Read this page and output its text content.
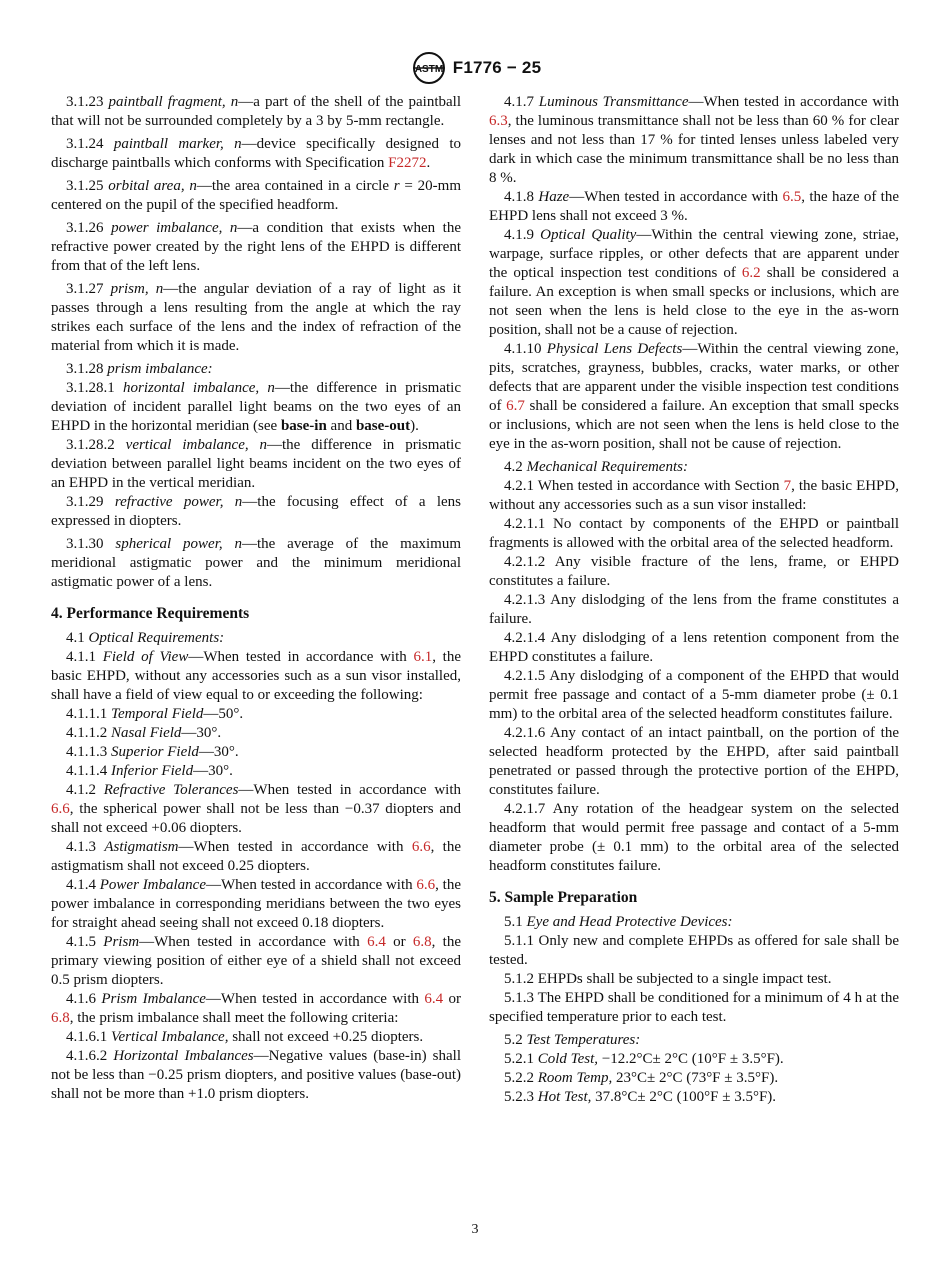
ASTM F1776 − 25

3.1.23 paintball fragment, n—a part of the shell of the paintball that will not be surrounded completely by a 3 by 5-mm rectangle.

3.1.24 paintball marker, n—device specifically designed to discharge paintballs which conforms with Specification F2272.

3.1.25 orbital area, n—the area contained in a circle r = 20-mm centered on the pupil of the specified headform.

3.1.26 power imbalance, n—a condition that exists when the refractive power created by the right lens of the EHPD is different from that of the left lens.

3.1.27 prism, n—the angular deviation of a ray of light as it passes through a lens resulting from the angle at which the ray strikes each surface of the lens and the index of refraction of the material from which it is made.

3.1.28 prism imbalance:

3.1.28.1 horizontal imbalance, n—the difference in prismatic deviation of incident parallel light beams on the two eyes of an EHPD in the horizontal meridian (see base-in and base-out).

3.1.28.2 vertical imbalance, n—the difference in prismatic deviation between parallel light beams incident on the two eyes of an EHPD in the vertical meridian.

3.1.29 refractive power, n—the focusing effect of a lens expressed in diopters.

3.1.30 spherical power, n—the average of the maximum meridional astigmatic power and the minimum meridional astigmatic power of a lens.

4. Performance Requirements

4.1 Optical Requirements:

4.1.1 Field of View—When tested in accordance with 6.1, the basic EHPD, without any accessories such as a sun visor installed, shall have a field of view equal to or exceeding the following:

4.1.1.1 Temporal Field—50°.

4.1.1.2 Nasal Field—30°.

4.1.1.3 Superior Field—30°.

4.1.1.4 Inferior Field—30°.

4.1.2 Refractive Tolerances—When tested in accordance with 6.6, the spherical power shall not be less than −0.37 diopters and shall not exceed +0.06 diopters.

4.1.3 Astigmatism—When tested in accordance with 6.6, the astigmatism shall not exceed 0.25 diopters.

4.1.4 Power Imbalance—When tested in accordance with 6.6, the power imbalance in corresponding meridians between the two eyes for straight ahead seeing shall not exceed 0.18 diopters.

4.1.5 Prism—When tested in accordance with 6.4 or 6.8, the primary viewing position of either eye of a shield shall not exceed 0.5 prism diopters.

4.1.6 Prism Imbalance—When tested in accordance with 6.4 or 6.8, the prism imbalance shall meet the following criteria:

4.1.6.1 Vertical Imbalance, shall not exceed +0.25 diopters.

4.1.6.2 Horizontal Imbalances—Negative values (base-in) shall not be less than −0.25 prism diopters, and positive values (base-out) shall not be more than +1.0 prism diopters.

4.1.7 Luminous Transmittance—When tested in accordance with 6.3, the luminous transmittance shall not be less than 60 % for clear lenses and not less than 17 % for tinted lenses unless labeled very dark in which case the minimum transmittance shall be no less than 8 %.

4.1.8 Haze—When tested in accordance with 6.5, the haze of the EHPD lens shall not exceed 3 %.

4.1.9 Optical Quality—Within the central viewing zone, striae, warpage, surface ripples, or other defects that are apparent under the optical inspection test conditions of 6.2 shall be considered a failure. An exception is when small specks or inclusions, which are not seen when the lens is held close to the eye in the as-worn position, shall not be a cause of rejection.

4.1.10 Physical Lens Defects—Within the central viewing zone, pits, scratches, grayness, bubbles, cracks, water marks, or other defects that are apparent under the visible inspection test conditions of 6.7 shall be considered a failure. An exception that small specks or inclusions, which are not seen when the lens is held close to the eye in the as-worn position, shall not be cause of rejection.

4.2 Mechanical Requirements:

4.2.1 When tested in accordance with Section 7, the basic EHPD, without any accessories such as a sun visor installed:

4.2.1.1 No contact by components of the EHPD or paintball fragments is allowed with the orbital area of the selected headform.

4.2.1.2 Any visible fracture of the lens, frame, or EHPD constitutes a failure.

4.2.1.3 Any dislodging of the lens from the frame constitutes a failure.

4.2.1.4 Any dislodging of a lens retention component from the EHPD constitutes a failure.

4.2.1.5 Any dislodging of a component of the EHPD that would permit free passage and contact of a 5-mm diameter probe (± 0.1 mm) to the orbital area of the selected headform constitutes failure.

4.2.1.6 Any contact of an intact paintball, on the portion of the selected headform protected by the EHPD, after said paintball penetrated or passed through the protective portion of the EHPD, constitutes failure.

4.2.1.7 Any rotation of the headgear system on the selected headform that would permit free passage and contact of a 5-mm diameter probe (± 0.1 mm) to the orbital area of the selected headform constitutes failure.

5. Sample Preparation

5.1 Eye and Head Protective Devices:

5.1.1 Only new and complete EHPDs as offered for sale shall be tested.

5.1.2 EHPDs shall be subjected to a single impact test.

5.1.3 The EHPD shall be conditioned for a minimum of 4 h at the specified temperature prior to each test.

5.2 Test Temperatures:

5.2.1 Cold Test, −12.2°C± 2°C (10°F ± 3.5°F).

5.2.2 Room Temp, 23°C± 2°C (73°F ± 3.5°F).

5.2.3 Hot Test, 37.8°C± 2°C (100°F ± 3.5°F).

3
